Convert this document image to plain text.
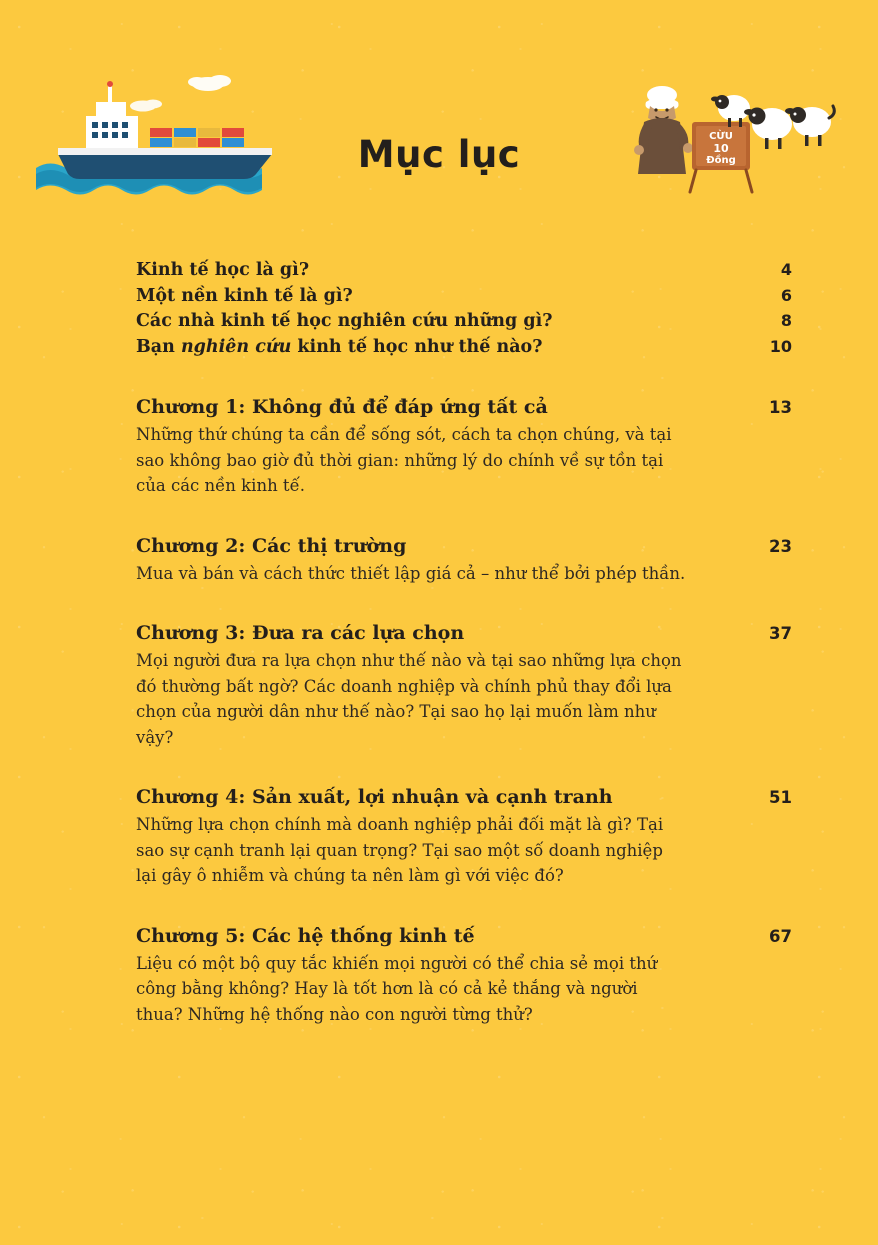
Mục lục	CỪU
10
Đồng
Kinh tế học là gì?	4
Một nền kinh tế là gì?	6
Các nhà kinh tế học nghiên cứu những gì?	8
Bạn nghiên cứu kinh tế học như thế nào?	10
Chương 1: Không đủ để đáp ứng tất cả	13

Những thứ chúng ta cần để sống sót, cách ta chọn chúng, và tại sao không bao giờ đủ thời gian: những lý do chính về sự tồn tại của các nền kinh tế.

Chương 2: Các thị trường	23

Mua và bán và cách thức thiết lập giá cả – như thể bởi phép thần.

Chương 3: Đưa ra các lựa chọn	37

Mọi người đưa ra lựa chọn như thế nào và tại sao những lựa chọn đó thường bất ngờ? Các doanh nghiệp và chính phủ thay đổi lựa chọn của người dân như thế nào? Tại sao họ lại muốn làm như vậy?

Chương 4: Sản xuất, lợi nhuận và cạnh tranh	51

Những lựa chọn chính mà doanh nghiệp phải đối mặt là gì? Tại sao sự cạnh tranh lại quan trọng? Tại sao một số doanh nghiệp lại gây ô nhiễm và chúng ta nên làm gì với việc đó?

Chương 5: Các hệ thống kinh tế	67

Liệu có một bộ quy tắc khiến mọi người có thể chia sẻ mọi thứ công bằng không? Hay là tốt hơn là có cả kẻ thắng và người thua? Những hệ thống nào con người từng thử?
